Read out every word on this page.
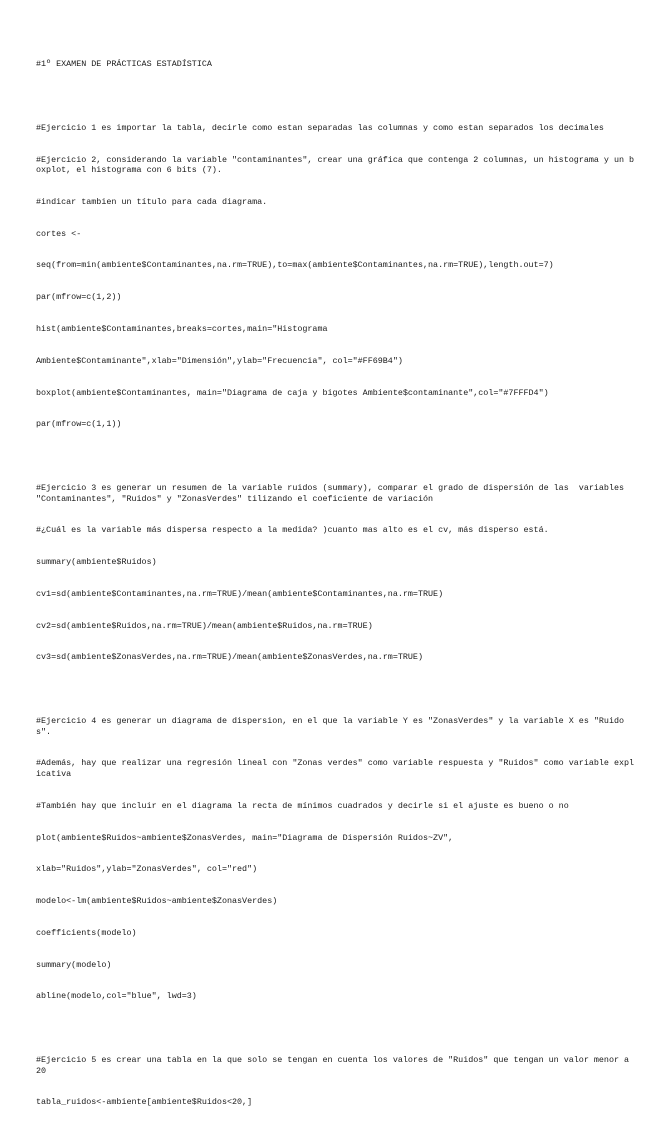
#1º EXAMEN DE PRÁCTICAS ESTADÍSTICA

#Ejercicio 1 es importar la tabla, decirle como estan separadas las columnas y como estan separados los decimales

#Ejercicio 2, considerando la variable "contaminantes", crear una gráfica que contenga 2 columnas, un histograma y un boxplot, el histograma con 6 bits (7).

#indicar tambien un título para cada diagrama.

cortes <-

seq(from=min(ambiente$Contaminantes,na.rm=TRUE),to=max(ambiente$Contaminantes,na.rm=TRUE),length.out=7)

par(mfrow=c(1,2))

hist(ambiente$Contaminantes,breaks=cortes,main="Histograma

Ambiente$Contaminante",xlab="Dimensión",ylab="Frecuencia", col="#FF69B4")

boxplot(ambiente$Contaminantes, main="Diagrama de caja y bigotes Ambiente$contaminante",col="#7FFFD4")

par(mfrow=c(1,1))

#Ejercicio 3 es generar un resumen de la variable ruidos (summary), comparar el grado de dispersión de las  variables "Contaminantes", "Ruidos" y "ZonasVerdes" tilizando el coeficiente de variación

#¿Cuál es la variable más dispersa respecto a la medida? )cuanto mas alto es el cv, más disperso está.

summary(ambiente$Ruidos)

cv1=sd(ambiente$Contaminantes,na.rm=TRUE)/mean(ambiente$Contaminantes,na.rm=TRUE)

cv2=sd(ambiente$Ruidos,na.rm=TRUE)/mean(ambiente$Ruidos,na.rm=TRUE)

cv3=sd(ambiente$ZonasVerdes,na.rm=TRUE)/mean(ambiente$ZonasVerdes,na.rm=TRUE)

#Ejercicio 4 es generar un diagrama de dispersion, en el que la variable Y es "ZonasVerdes" y la variable X es "Ruidos".

#Además, hay que realizar una regresión lineal con "Zonas verdes" como variable respuesta y "Ruidos" como variable explicativa

#También hay que incluir en el diagrama la recta de mínimos cuadrados y decirle si el ajuste es bueno o no

plot(ambiente$Ruidos~ambiente$ZonasVerdes, main="Diagrama de Dispersión Ruidos~ZV",

xlab="Ruidos",ylab="ZonasVerdes", col="red")

modelo<-lm(ambiente$Ruidos~ambiente$ZonasVerdes)

coefficients(modelo)

summary(modelo)

abline(modelo,col="blue", lwd=3)

#Ejercicio 5 es crear una tabla en la que solo se tengan en cuenta los valores de "Ruidos" que tengan un valor menor a 20

tabla_ruidos<-ambiente[ambiente$Ruidos<20,]
